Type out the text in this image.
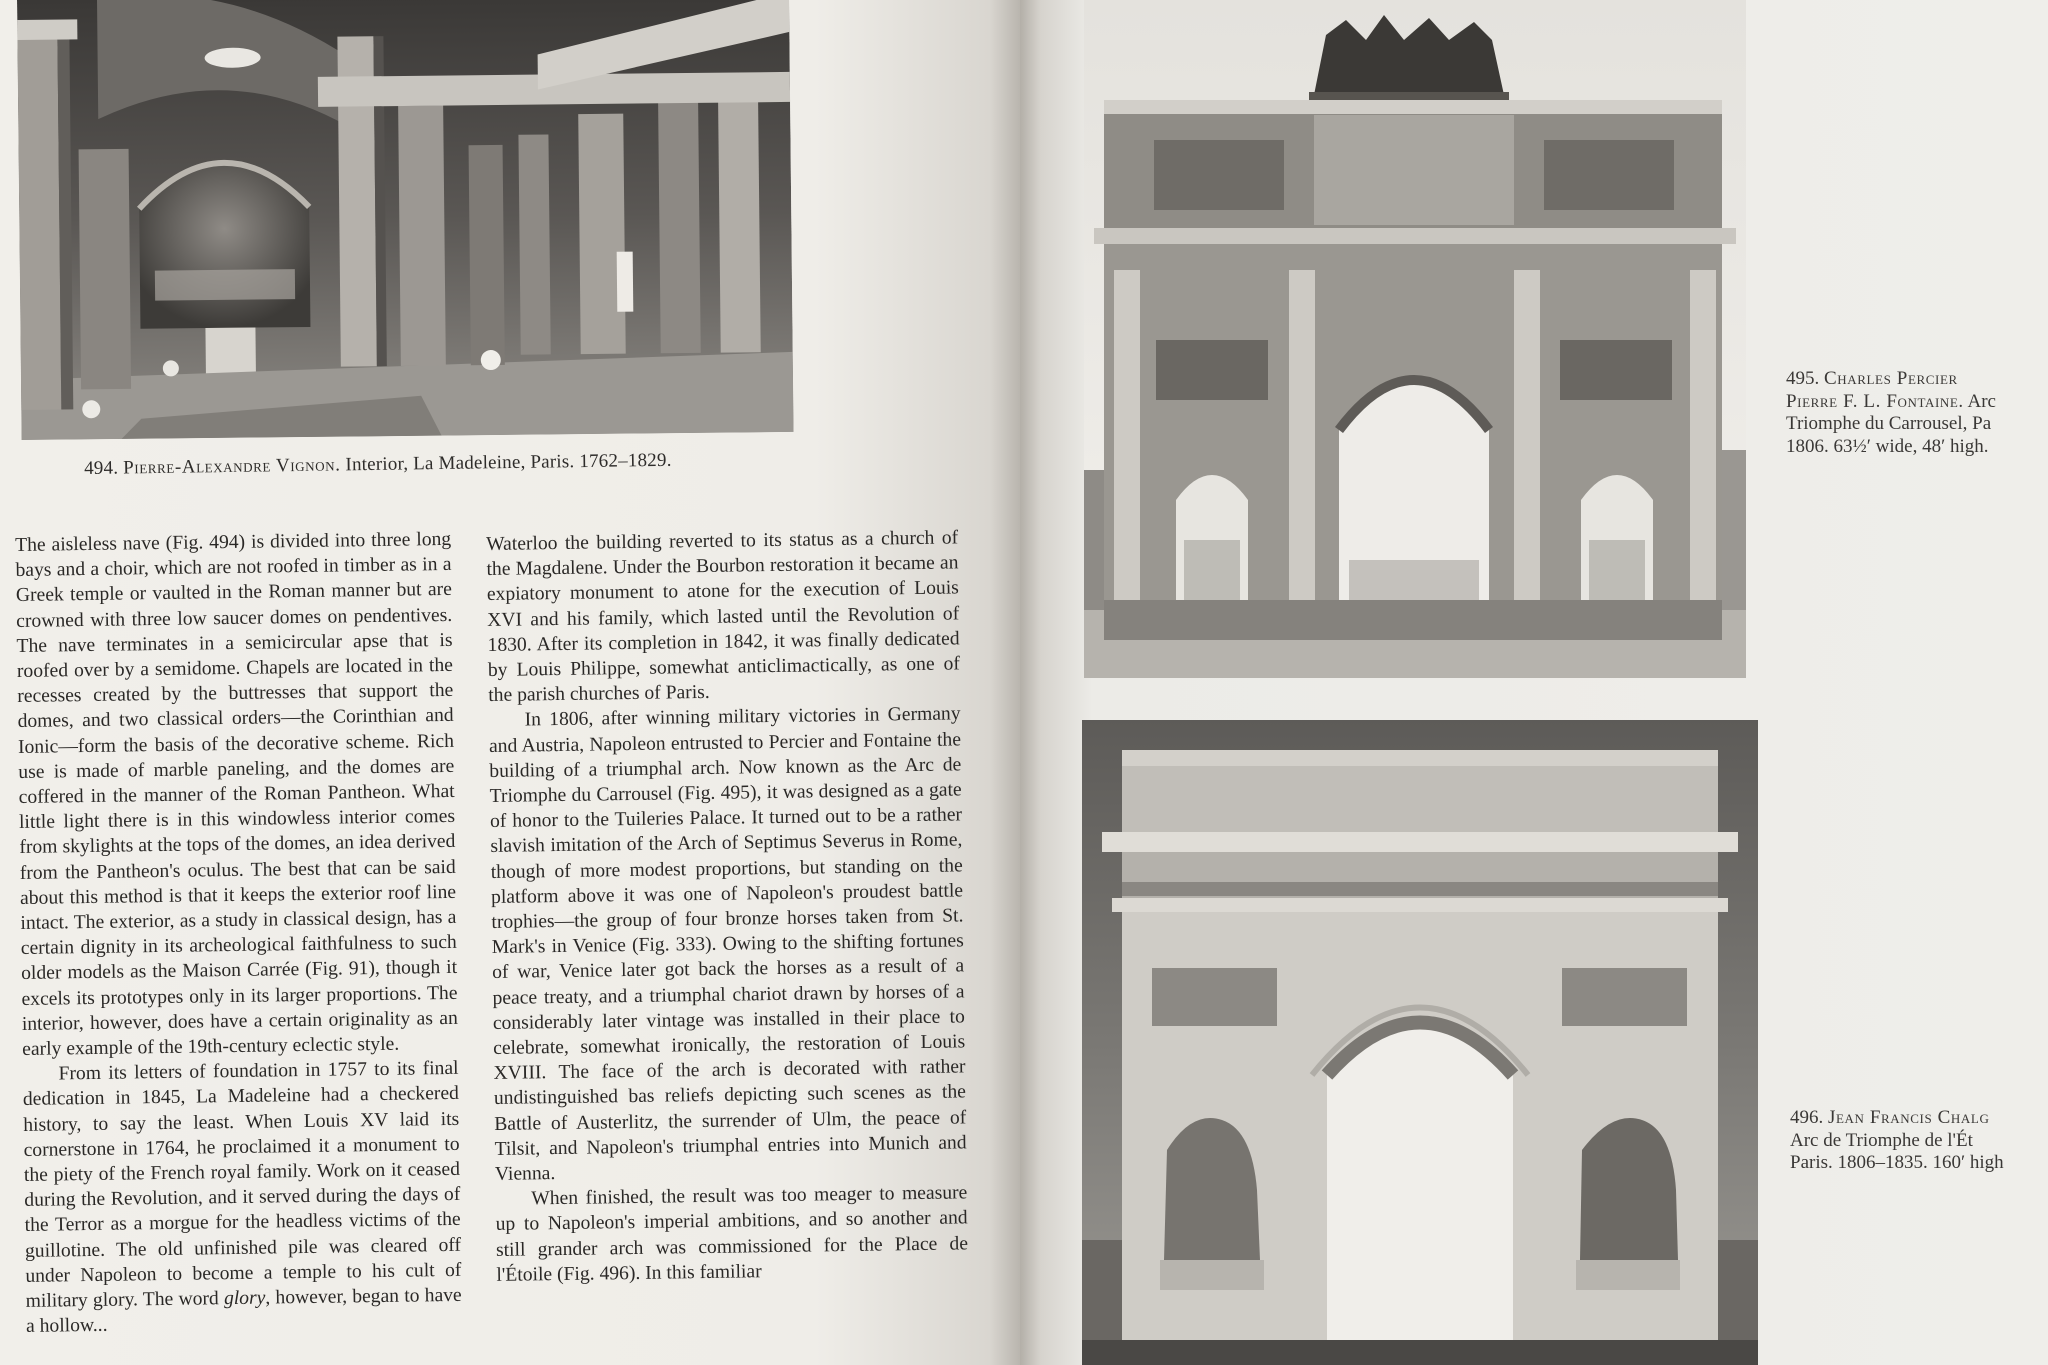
494. Pierre-Alexandre Vignon. Interior, La Madeleine, Paris. 1762–1829.

The aisleless nave (Fig. 494) is divided into three long bays and a choir, which are not roofed in timber as in a Greek temple or vaulted in the Roman manner but are crowned with three low saucer domes on pendentives. The nave terminates in a semicircular apse that is roofed over by a semidome. Chapels are located in the recesses created by the buttresses that support the domes, and two classical orders—the Corinthian and Ionic—form the basis of the decorative scheme. Rich use is made of marble paneling, and the domes are coffered in the manner of the Roman Pantheon. What little light there is in this windowless interior comes from skylights at the tops of the domes, an idea derived from the Pantheon's oculus. The best that can be said about this method is that it keeps the exterior roof line intact. The exterior, as a study in classical design, has a certain dignity in its archeological faithfulness to such older models as the Maison Carrée (Fig. 91), though it excels its prototypes only in its larger proportions. The interior, however, does have a certain originality as an early example of the 19th-century eclectic style.

From its letters of foundation in 1757 to its final dedication in 1845, La Madeleine had a checkered history, to say the least. When Louis XV laid its cornerstone in 1764, he proclaimed it a monument to the piety of the French royal family. Work on it ceased during the Revolution, and it served during the days of the Terror as a morgue for the headless victims of the guillotine. The old unfinished pile was cleared off under Napoleon to become a temple to his cult of military glory. The word glory, however, began to have a hollow...

Waterloo the building reverted to its status as a church of the Magdalene. Under the Bourbon restoration it became an expiatory monument to atone for the execution of Louis XVI and his family, which lasted until the Revolution of 1830. After its completion in 1842, it was finally dedicated by Louis Philippe, somewhat anticlimactically, as one of the parish churches of Paris.

In 1806, after winning military victories in Germany and Austria, Napoleon entrusted to Percier and Fontaine the building of a triumphal arch. Now known as the Arc de Triomphe du Carrousel (Fig. 495), it was designed as a gate of honor to the Tuileries Palace. It turned out to be a rather slavish imitation of the Arch of Septimus Severus in Rome, though of more modest proportions, but standing on the platform above it was one of Napoleon's proudest battle trophies—the group of four bronze horses taken from St. Mark's in Venice (Fig. 333). Owing to the shifting fortunes of war, Venice later got back the horses as a result of a peace treaty, and a triumphal chariot drawn by horses of a considerably later vintage was installed in their place to celebrate, somewhat ironically, the restoration of Louis XVIII. The face of the arch is decorated with rather undistinguished bas reliefs depicting such scenes as the Battle of Austerlitz, the surrender of Ulm, the peace of Tilsit, and Napoleon's triumphal entries into Munich and Vienna.

When finished, the result was too meager to measure up to Napoleon's imperial ambitions, and so another and still grander arch was commissioned for the Place de l'Étoile (Fig. 496). In this familiar

495. Charles Percier
Pierre F. L. Fontaine. Arc
Triomphe du Carrousel, Pa
1806. 63½′ wide, 48′ high.
496. Jean Francis Chalg
Arc de Triomphe de l'Ét
Paris. 1806–1835. 160′ high
